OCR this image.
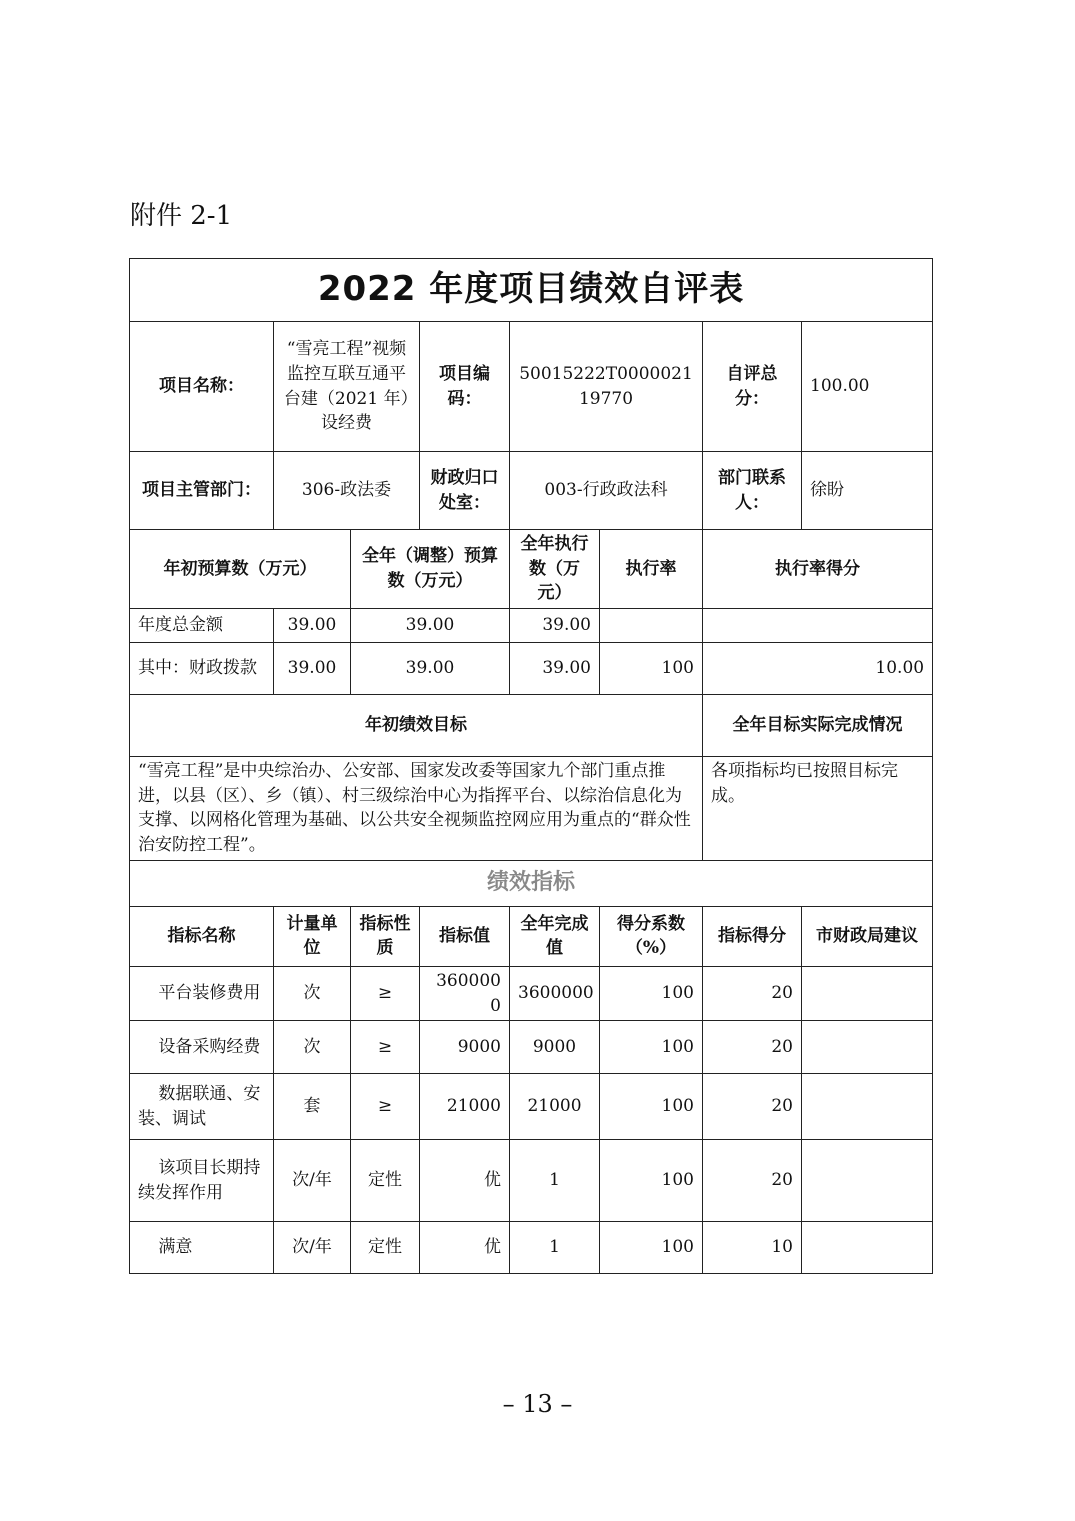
附件 2-1
2022 年度项目绩效自评表							
项目名称：	“雪亮工程”视频监控互联互通平台建（2021 年）设经费		项目编码：	50015222T000002119770		自评总分：	100.00
项目主管部门：	306-政法委		财政归口处室：	003-行政政法科		部门联系人：	徐盼
年初预算数（万元）		全年（调整）预算数（万元）		全年执行数（万元）	执行率	执行率得分	
年度总金额	39.00	39.00		39.00			
其中：财政拨款	39.00	39.00		39.00	100	10.00	
年初绩效目标						全年目标实际完成情况	
“雪亮工程”是中央综治办、公安部、国家发改委等国家九个部门重点推进，以县（区）、乡（镇）、村三级综治中心为指挥平台、以综治信息化为支撑、以网格化管理为基础、以公共安全视频监控网应用为重点的“群众性治安防控工程”。						各项指标均已按照目标完成。	
绩效指标							
指标名称	计量单位	指标性质	指标值	全年完成值	得分系数（%）	指标得分	市财政局建议
平台装修费用	次	≥	3600000	3600000	100	20	
设备采购经费	次	≥	9000	9000	100	20	
数据联通、安装、调试	套	≥	21000	21000	100	20	
该项目长期持续发挥作用	次/年	定性	优	1	100	20	
满意	次/年	定性	优	1	100	10	
– 13 –
